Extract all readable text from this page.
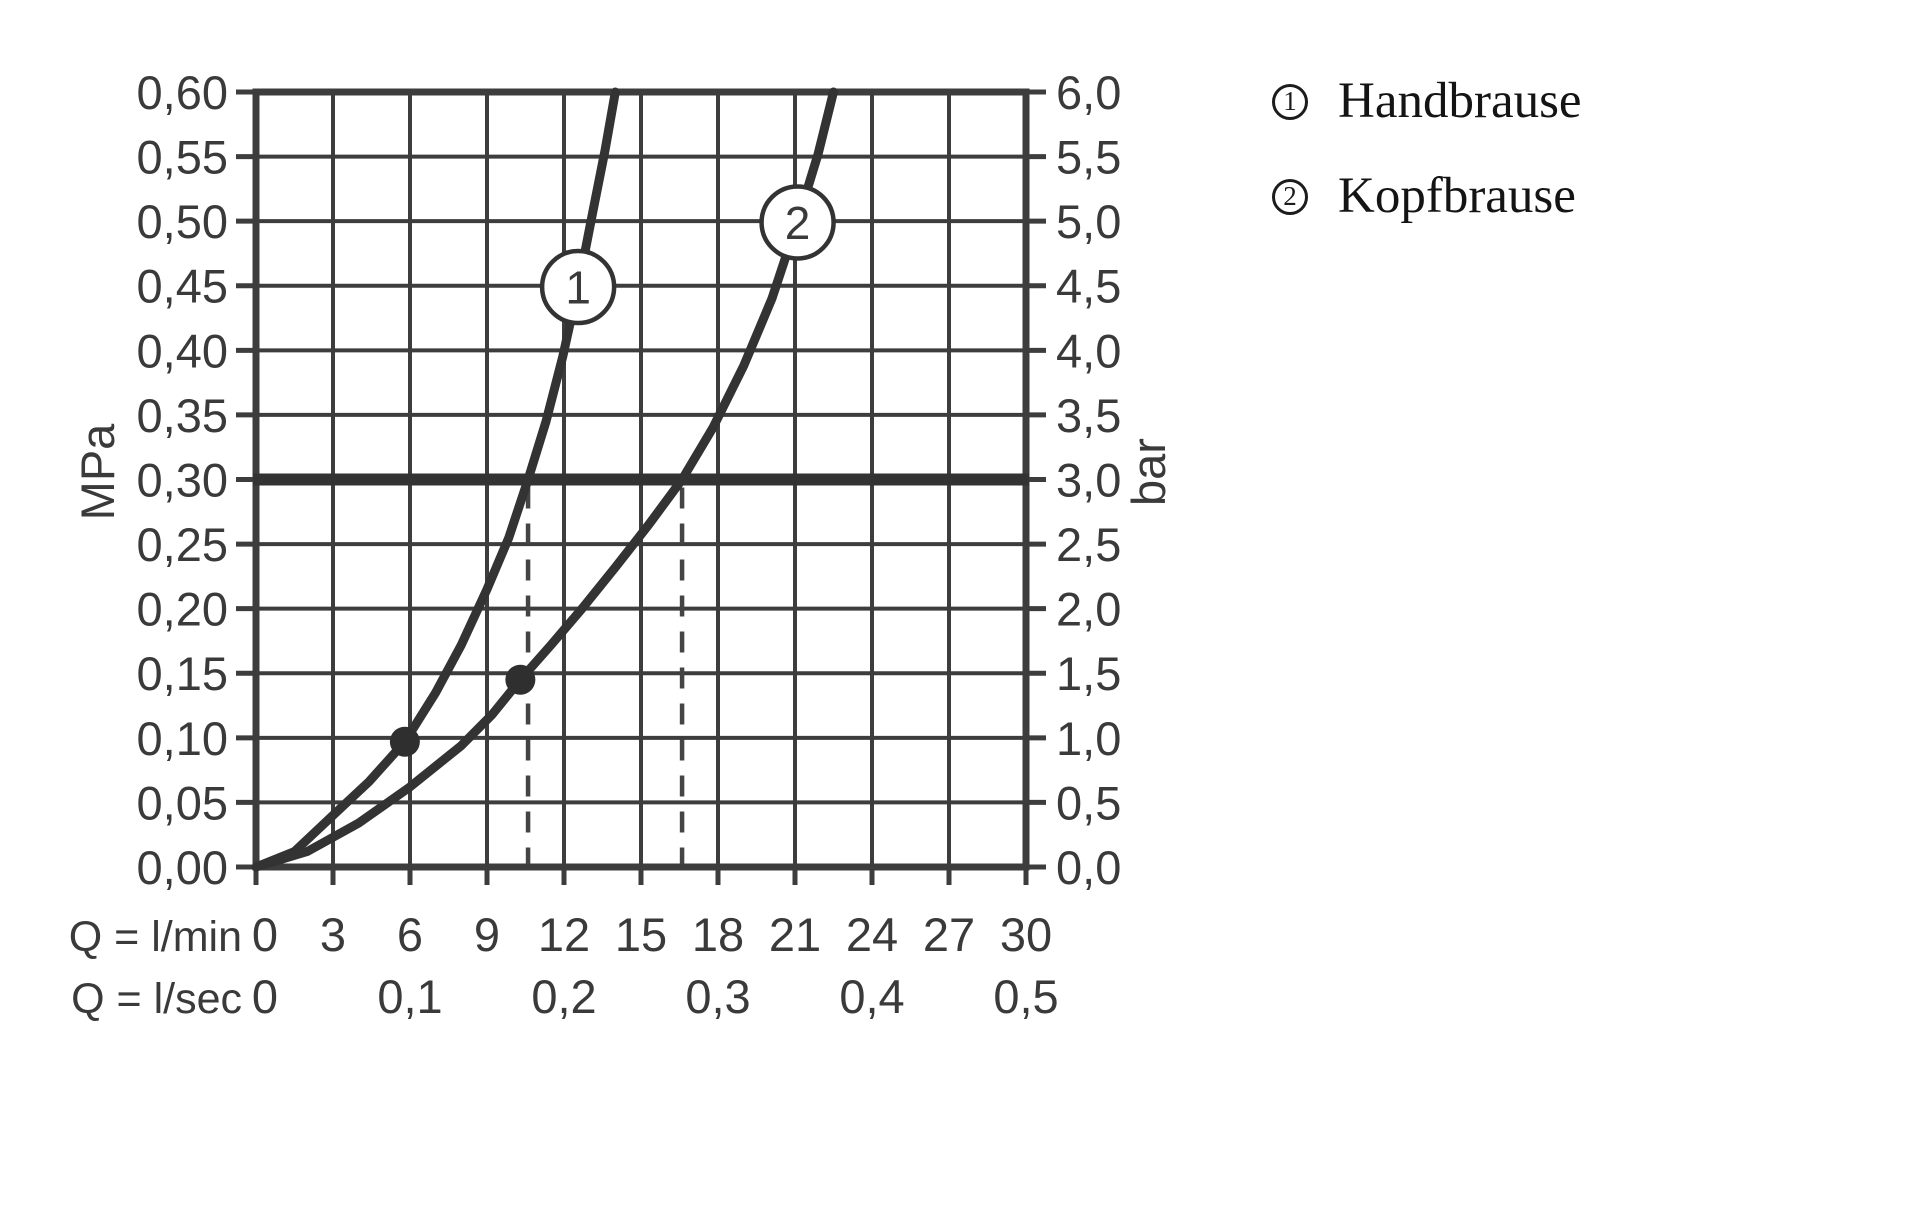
1
2
0,00
0,05
0,10
0,15
0,20
0,25
0,30
0,35
0,40
0,45
0,50
0,55
0,60
0,0
0,5
1,0
1,5
2,0
2,5
3,0
3,5
4,0
4,5
5,0
5,5
6,0
Q = l/min 0 3 6 9 12 15 18 21 24 27 30
Q = l/sec 0 0,1 0,2 0,3 0,4 0,5
MPa	bar
1 Handbrause
2 Kopfbrause
